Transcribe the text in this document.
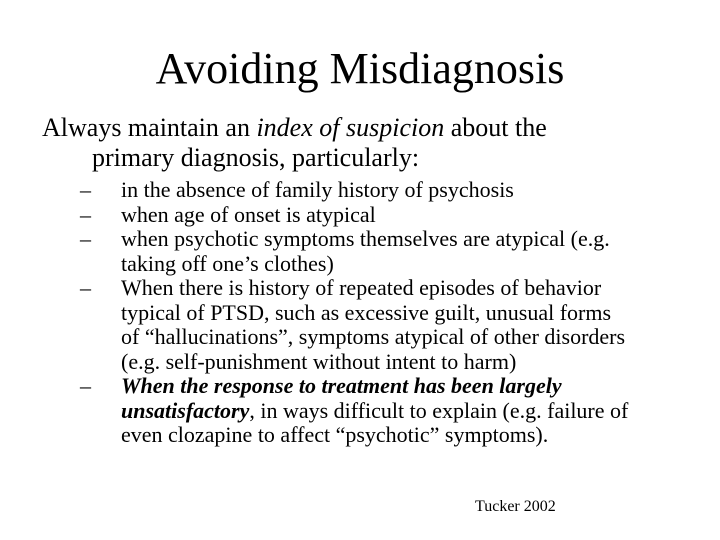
Avoiding Misdiagnosis
Always maintain an index of suspicion about the
primary diagnosis, particularly:
– in the absence of family history of psychosis
– when age of onset is atypical
– when psychotic symptoms themselves are atypical (e.g.
taking off one’s clothes)
– When there is history of repeated episodes of behavior
typical of PTSD, such as excessive guilt, unusual forms
of “hallucinations”, symptoms atypical of other disorders
(e.g. self-punishment without intent to harm)
– When the response to treatment has been largely
unsatisfactory, in ways difficult to explain (e.g. failure of
even clozapine to affect “psychotic” symptoms).
Tucker 2002
